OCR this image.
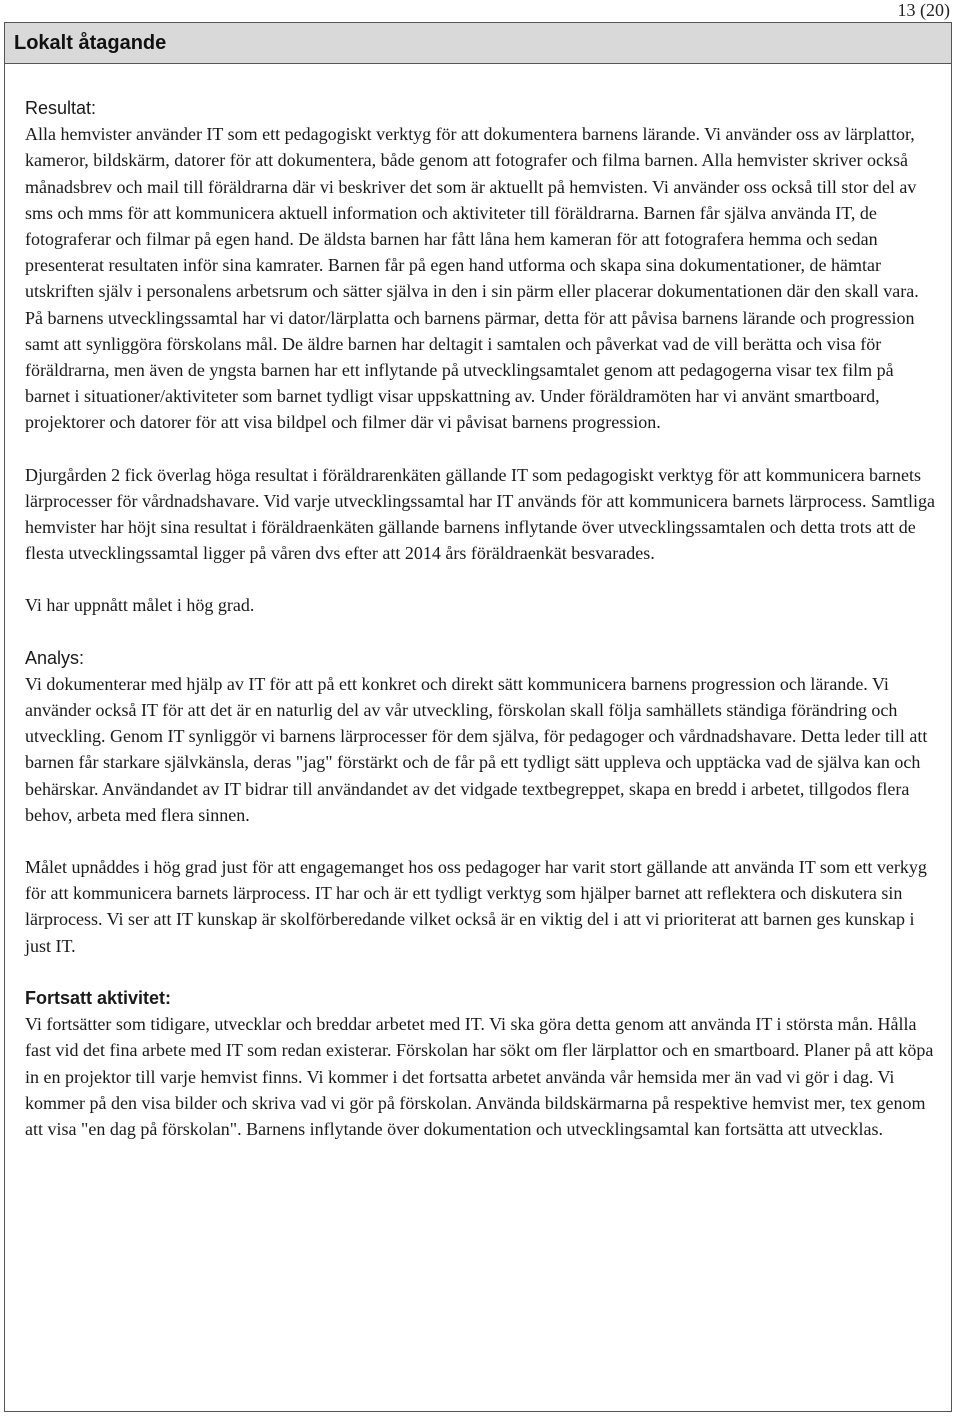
13 (20)
Lokalt åtagande
Resultat:

Alla hemvister använder IT som ett pedagogiskt verktyg för att dokumentera barnens lärande. Vi använder oss av lärplattor, kameror, bildskärm, datorer för att dokumentera, både genom att fotografer och filma barnen. Alla hemvister skriver också månadsbrev och mail till föräldrarna där vi beskriver det som är aktuellt på hemvisten. Vi använder oss också till stor del av sms och mms för att kommunicera aktuell information och aktiviteter till föräldrarna. Barnen får själva använda IT, de fotograferar och filmar på egen hand. De äldsta barnen har fått låna hem kameran för att fotografera hemma och sedan presenterat resultaten inför sina kamrater. Barnen får på egen hand utforma och skapa sina dokumentationer, de hämtar utskriften själv i personalens arbetsrum och sätter själva in den i sin pärm eller placerar dokumentationen där den skall vara. På barnens utvecklingssamtal har vi dator/lärplatta och barnens pärmar, detta för att påvisa barnens lärande och progression samt att synliggöra förskolans mål. De äldre barnen har deltagit i samtalen och påverkat vad de vill berätta och visa för föräldrarna, men även de yngsta barnen har ett inflytande på utvecklingsamtalet genom att pedagogerna visar tex film på barnet i situationer/aktiviteter som barnet tydligt visar uppskattning av. Under föräldramöten har vi använt smartboard, projektorer och datorer för att visa bildpel och filmer där vi påvisat barnens progression.

Djurgården 2 fick överlag höga resultat i föräldrarenkäten gällande IT som pedagogiskt verktyg för att kommunicera barnets lärprocesser för vårdnadshavare. Vid varje utvecklingssamtal har IT används för att kommunicera barnets lärprocess. Samtliga hemvister har höjt sina resultat i föräldraenkäten gällande barnens inflytande över utvecklingssamtalen och detta trots att de flesta utvecklingssamtal ligger på våren dvs efter att 2014 års föräldraenkät besvarades.

Vi har uppnått målet i hög grad.

Analys:

Vi dokumenterar med hjälp av IT för att på ett konkret och direkt sätt kommunicera barnens progression och lärande. Vi använder också IT för att det är en naturlig del av vår utveckling, förskolan skall följa samhällets ständiga förändring och utveckling. Genom IT synliggör vi barnens lärprocesser för dem själva, för pedagoger och vårdnadshavare. Detta leder till att barnen får starkare självkänsla, deras "jag" förstärkt och de får på ett tydligt sätt uppleva och upptäcka vad de själva kan och behärskar. Användandet av IT bidrar till användandet av det vidgade textbegreppet, skapa en bredd i arbetet, tillgodos flera behov, arbeta med flera sinnen.

Målet upnåddes i hög grad just för att engagemanget hos oss pedagoger har varit stort gällande att använda IT som ett verkyg för att kommunicera barnets lärprocess. IT har och är ett tydligt verktyg som hjälper barnet att reflektera och diskutera sin lärprocess. Vi ser att IT kunskap är skolförberedande vilket också är en viktig del i att vi prioriterat att barnen ges kunskap i just IT.

Fortsatt aktivitet:

Vi fortsätter som tidigare, utvecklar och breddar arbetet med IT. Vi ska göra detta genom att använda IT i största mån. Hålla fast vid det fina arbete med IT som redan existerar. Förskolan har sökt om fler lärplattor och en smartboard. Planer på att köpa in en projektor till varje hemvist finns. Vi kommer i det fortsatta arbetet använda vår hemsida mer än vad vi gör i dag. Vi kommer på den visa bilder och skriva vad vi gör på förskolan. Använda bildskärmarna på respektive hemvist mer, tex genom att visa "en dag på förskolan". Barnens inflytande över dokumentation och utvecklingsamtal kan fortsätta att utvecklas.
